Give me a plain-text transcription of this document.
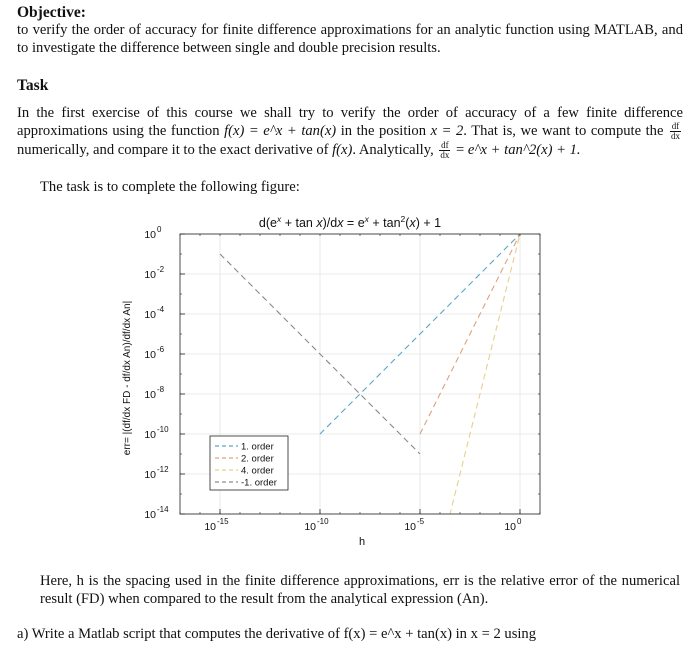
Objective:

to verify the order of accuracy for finite difference approximations for an analytic function using MATLAB, and to investigate the difference between single and double precision results.

Task

In the first exercise of this course we shall try to verify the order of accuracy of a few finite difference approximations using the function f(x) = e^x + tan(x) in the position x = 2. That is, we want to compute the $\frac{df}{dx}$
numerically, and compare it to the exact derivative of f(x). Analytically, $\frac{df}{dx}$ = e^x + tan^2(x) + 1.

The task is to complete the following figure:

10 -15	10 -10	10 -5	10 0
10 0
10 -2
10 -4
10 -6
10 -8
10 -10
10 -12
10 -14
$d(e^x + \tan x)/dx = e^x + \tan^2(x) + 1$
h
err= |(df/dx FD - df/dx An)/df/dx An|	1. order
2. order
4. order
-1. order

Here, h is the spacing used in the finite difference approximations, err is the relative error of the numerical result (FD) when compared to the result from the analytical expression (An).

a) Write a Matlab script that computes the derivative of f(x) = e^x + tan(x) in x = 2 using
